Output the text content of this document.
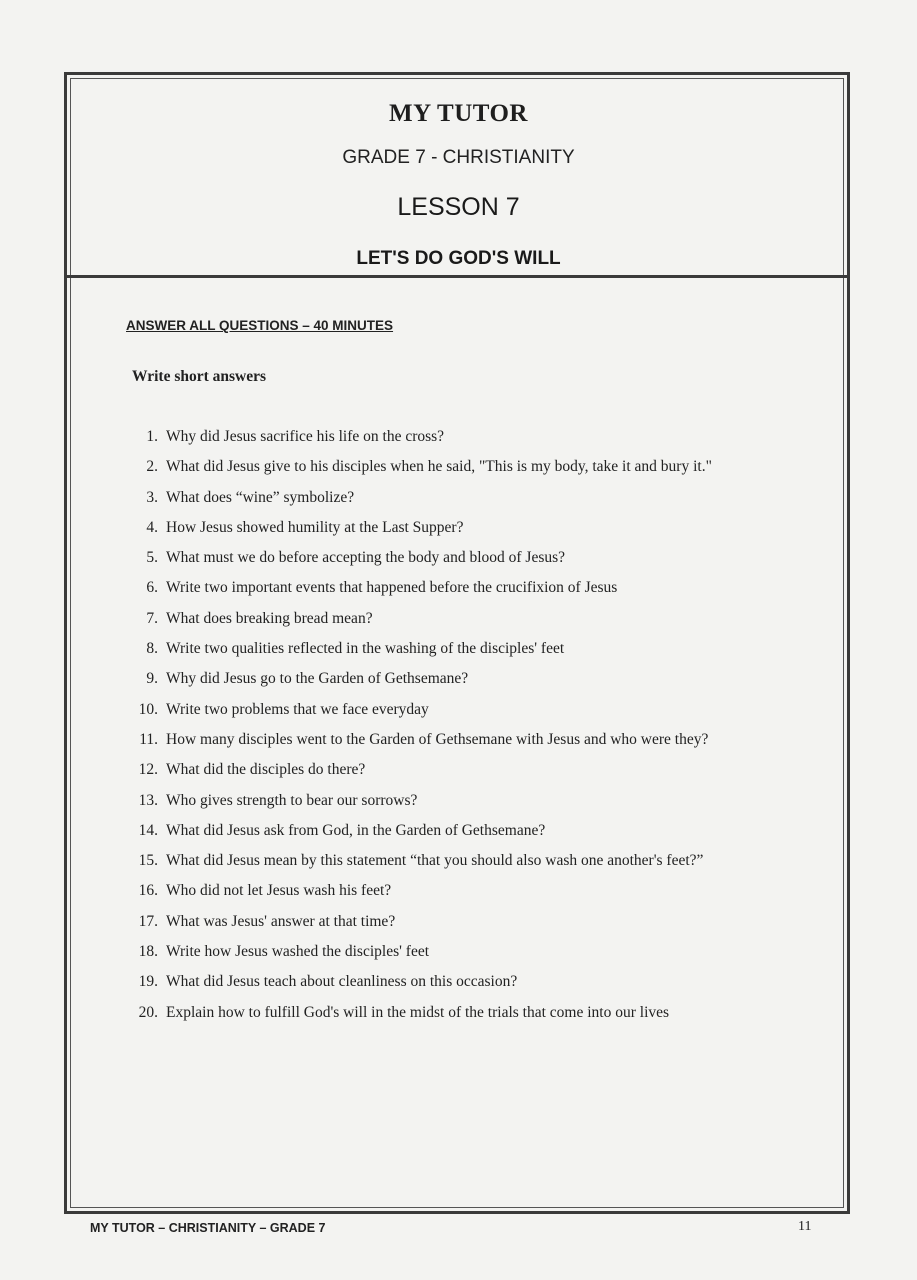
MY TUTOR
GRADE 7 - CHRISTIANITY
LESSON 7
LET'S DO GOD'S WILL
ANSWER ALL QUESTIONS – 40 MINUTES
Write short answers
1. Why did Jesus sacrifice his life on the cross?
2. What did Jesus give to his disciples when he said, "This is my body, take it and bury it."
3. What does “wine” symbolize?
4. How Jesus showed humility at the Last Supper?
5. What must we do before accepting the body and blood of Jesus?
6. Write two important events that happened before the crucifixion of Jesus
7. What does breaking bread mean?
8. Write two qualities reflected in the washing of the disciples' feet
9. Why did Jesus go to the Garden of Gethsemane?
10. Write two problems that we face everyday
11. How many disciples went to the Garden of Gethsemane with Jesus and who were they?
12. What did the disciples do there?
13. Who gives strength to bear our sorrows?
14. What did Jesus ask from God, in the Garden of Gethsemane?
15. What did Jesus mean by this statement “that you should also wash one another's feet?”
16. Who did not let Jesus wash his feet?
17. What was Jesus' answer at that time?
18. Write how Jesus washed the disciples' feet
19. What did Jesus teach about cleanliness on this occasion?
20. Explain how to fulfill God's will in the midst of the trials that come into our lives
MY TUTOR – CHRISTIANITY – GRADE 7	11
